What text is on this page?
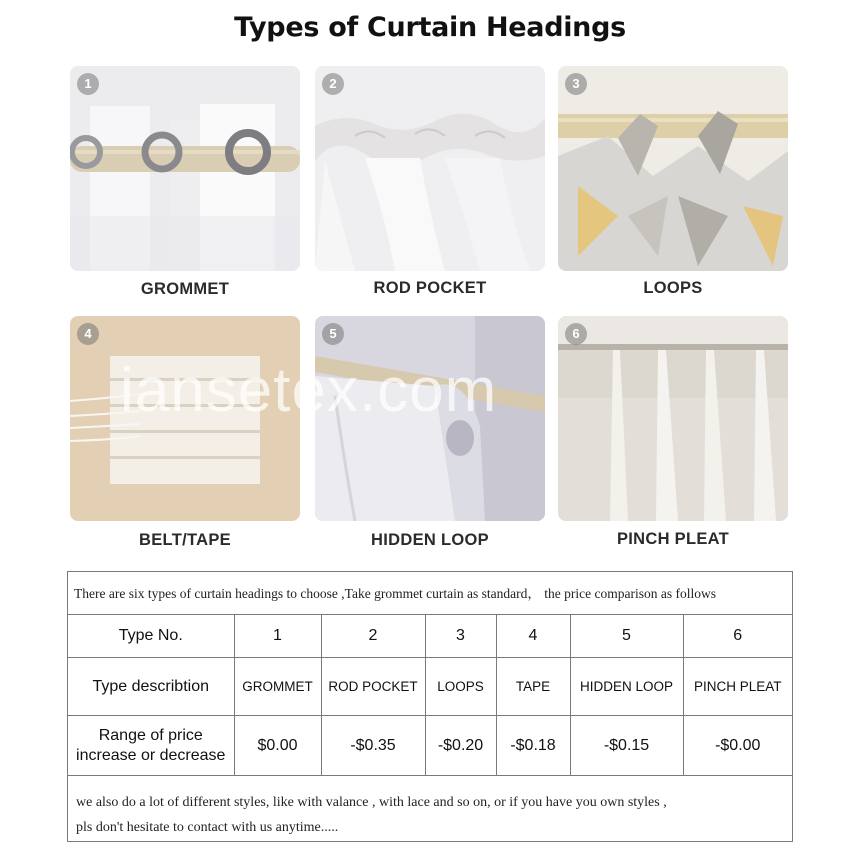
Types of Curtain Headings
1
GROMMET
2
ROD POCKET
3
LOOPS
4
BELT/TAPE
5
HIDDEN LOOP
6
PINCH PLEAT
iansetex.com
There are six types of curtain headings to choose ,Take grommet curtain as standard， the price comparison as follows
Type No.	1	2	3	4	5	6
Type describtion	GROMMET	ROD POCKET	LOOPS	TAPE	HIDDEN LOOP	PINCH PLEAT
Range of price
increase or decrease	$0.00	-$0.35	-$0.20	-$0.18	-$0.15	-$0.00
we also do a lot of different styles, like with valance , with lace and so on, or if you have you own styles ,
pls don't hesitate to contact with us anytime.....
